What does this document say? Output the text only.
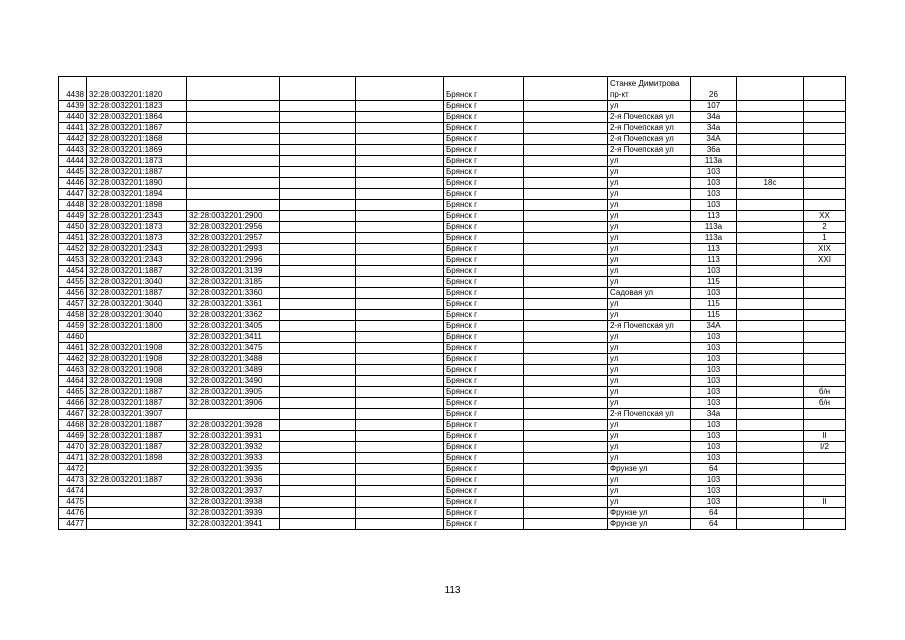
4438	32:28:0032201:1820				Брянск г		Станке Димитрова пр-кт	26		
4439	32:28:0032201:1823				Брянск г		ул	107		
4440	32:28:0032201:1864				Брянск г		2-я Почепская ул	34а		
4441	32:28:0032201:1867				Брянск г		2-я Почепская ул	34а		
4442	32:28:0032201:1868				Брянск г		2-я Почепская ул	34А		
4443	32:28:0032201:1869				Брянск г		2-я Почепская ул	36а		
4444	32:28:0032201:1873				Брянск г		ул	113а		
4445	32:28:0032201:1887				Брянск г		ул	103		
4446	32:28:0032201:1890				Брянск г		ул	103	18с	
4447	32:28:0032201:1894				Брянск г		ул	103		
4448	32:28:0032201:1898				Брянск г		ул	103		
4449	32:28:0032201:2343	32:28:0032201:2900			Брянск г		ул	113		XX
4450	32:28:0032201:1873	32:28:0032201:2956			Брянск г		ул	113а		2
4451	32:28:0032201:1873	32:28:0032201:2957			Брянск г		ул	113а		1
4452	32:28:0032201:2343	32:28:0032201:2993			Брянск г		ул	113		XIX
4453	32:28:0032201:2343	32:28:0032201:2996			Брянск г		ул	113		XXI
4454	32:28:0032201:1887	32:28:0032201:3139			Брянск г		ул	103		
4455	32:28:0032201:3040	32:28:0032201:3185			Брянск г		ул	115		
4456	32:28:0032201:1887	32:28:0032201:3360			Брянск г		Садовая ул	103		
4457	32:28:0032201:3040	32:28:0032201:3361			Брянск г		ул	115		
4458	32:28:0032201:3040	32:28:0032201:3362			Брянск г		ул	115		
4459	32:28:0032201:1800	32:28:0032201:3405			Брянск г		2-я Почепская ул	34А		
4460		32:28:0032201:3411			Брянск г		ул	103		
4461	32:28:0032201:1908	32:28:0032201:3475			Брянск г		ул	103		
4462	32:28:0032201:1908	32:28:0032201:3488			Брянск г		ул	103		
4463	32:28:0032201:1908	32:28:0032201:3489			Брянск г		ул	103		
4464	32:28:0032201:1908	32:28:0032201:3490			Брянск г		ул	103		
4465	32:28:0032201:1887	32:28:0032201:3905			Брянск г		ул	103		б/н
4466	32:28:0032201:1887	32:28:0032201:3906			Брянск г		ул	103		б/н
4467	32:28:0032201:3907				Брянск г		2-я Почепская ул	34а		
4468	32:28:0032201:1887	32:28:0032201:3928			Брянск г		ул	103		
4469	32:28:0032201:1887	32:28:0032201:3931			Брянск г		ул	103		II
4470	32:28:0032201:1887	32:28:0032201:3932			Брянск г		ул	103		I/2
4471	32:28:0032201:1898	32:28:0032201:3933			Брянск г		ул	103		
4472		32:28:0032201:3935			Брянск г		Фрунзе ул	64		
4473	32:28:0032201:1887	32:28:0032201:3936			Брянск г		ул	103		
4474		32:28:0032201:3937			Брянск г		ул	103		
4475		32:28:0032201:3938			Брянск г		ул	103		II
4476		32:28:0032201:3939			Брянск г		Фрунзе ул	64		
4477		32:28:0032201:3941			Брянск г		Фрунзе ул	64		
113
